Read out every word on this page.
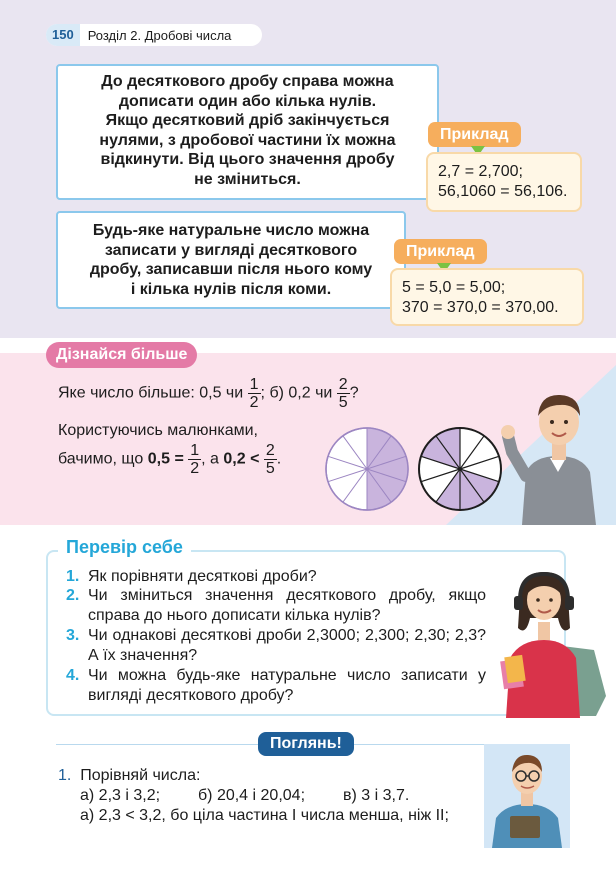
150	Розділ 2. Дробові числа
До десяткового дробу справа можна
дописати один або кілька нулів.
Якщо десятковий дріб закінчується
нулями, з дробової частини їх можна
відкинути. Від цього значення дробу
не зміниться.
Приклад
2,7 = 2,700;
56,1060 = 56,106.
Будь-яке натуральне число можна
записати у вигляді десяткового
дробу, записавши після нього кому
і кілька нулів після коми.
Приклад
5 = 5,0 = 5,00;
370 = 370,0 = 370,00.
Дізнайся більше
Яке число більше: 0,5 чи $\frac{1}{2}$ ; б) 0,2 чи $\frac{2}{5}$ ?
Користуючись малюнками,
бачимо, що $0,5 = \frac{1}{2}$ , а $0,2 < \frac{2}{5}$ .
Перевір себе
1. Як порівняти десяткові дроби?
2. Чи зміниться значення десяткового дробу, якщо справа до нього дописати кілька нулів?
3. Чи однакові десяткові дроби 2,3000; 2,300; 2,30; 2,3? А їх значення?
4. Чи можна будь-яке натуральне число записати у вигляді десяткового дробу?
Поглянь!
1. Порівняй числа:
а) 2,3 і 3,2; б) 20,4 і 20,04; в) 3 і 3,7.
а) 2,3 < 3,2, бо ціла частина І числа менша, ніж ІІ;
